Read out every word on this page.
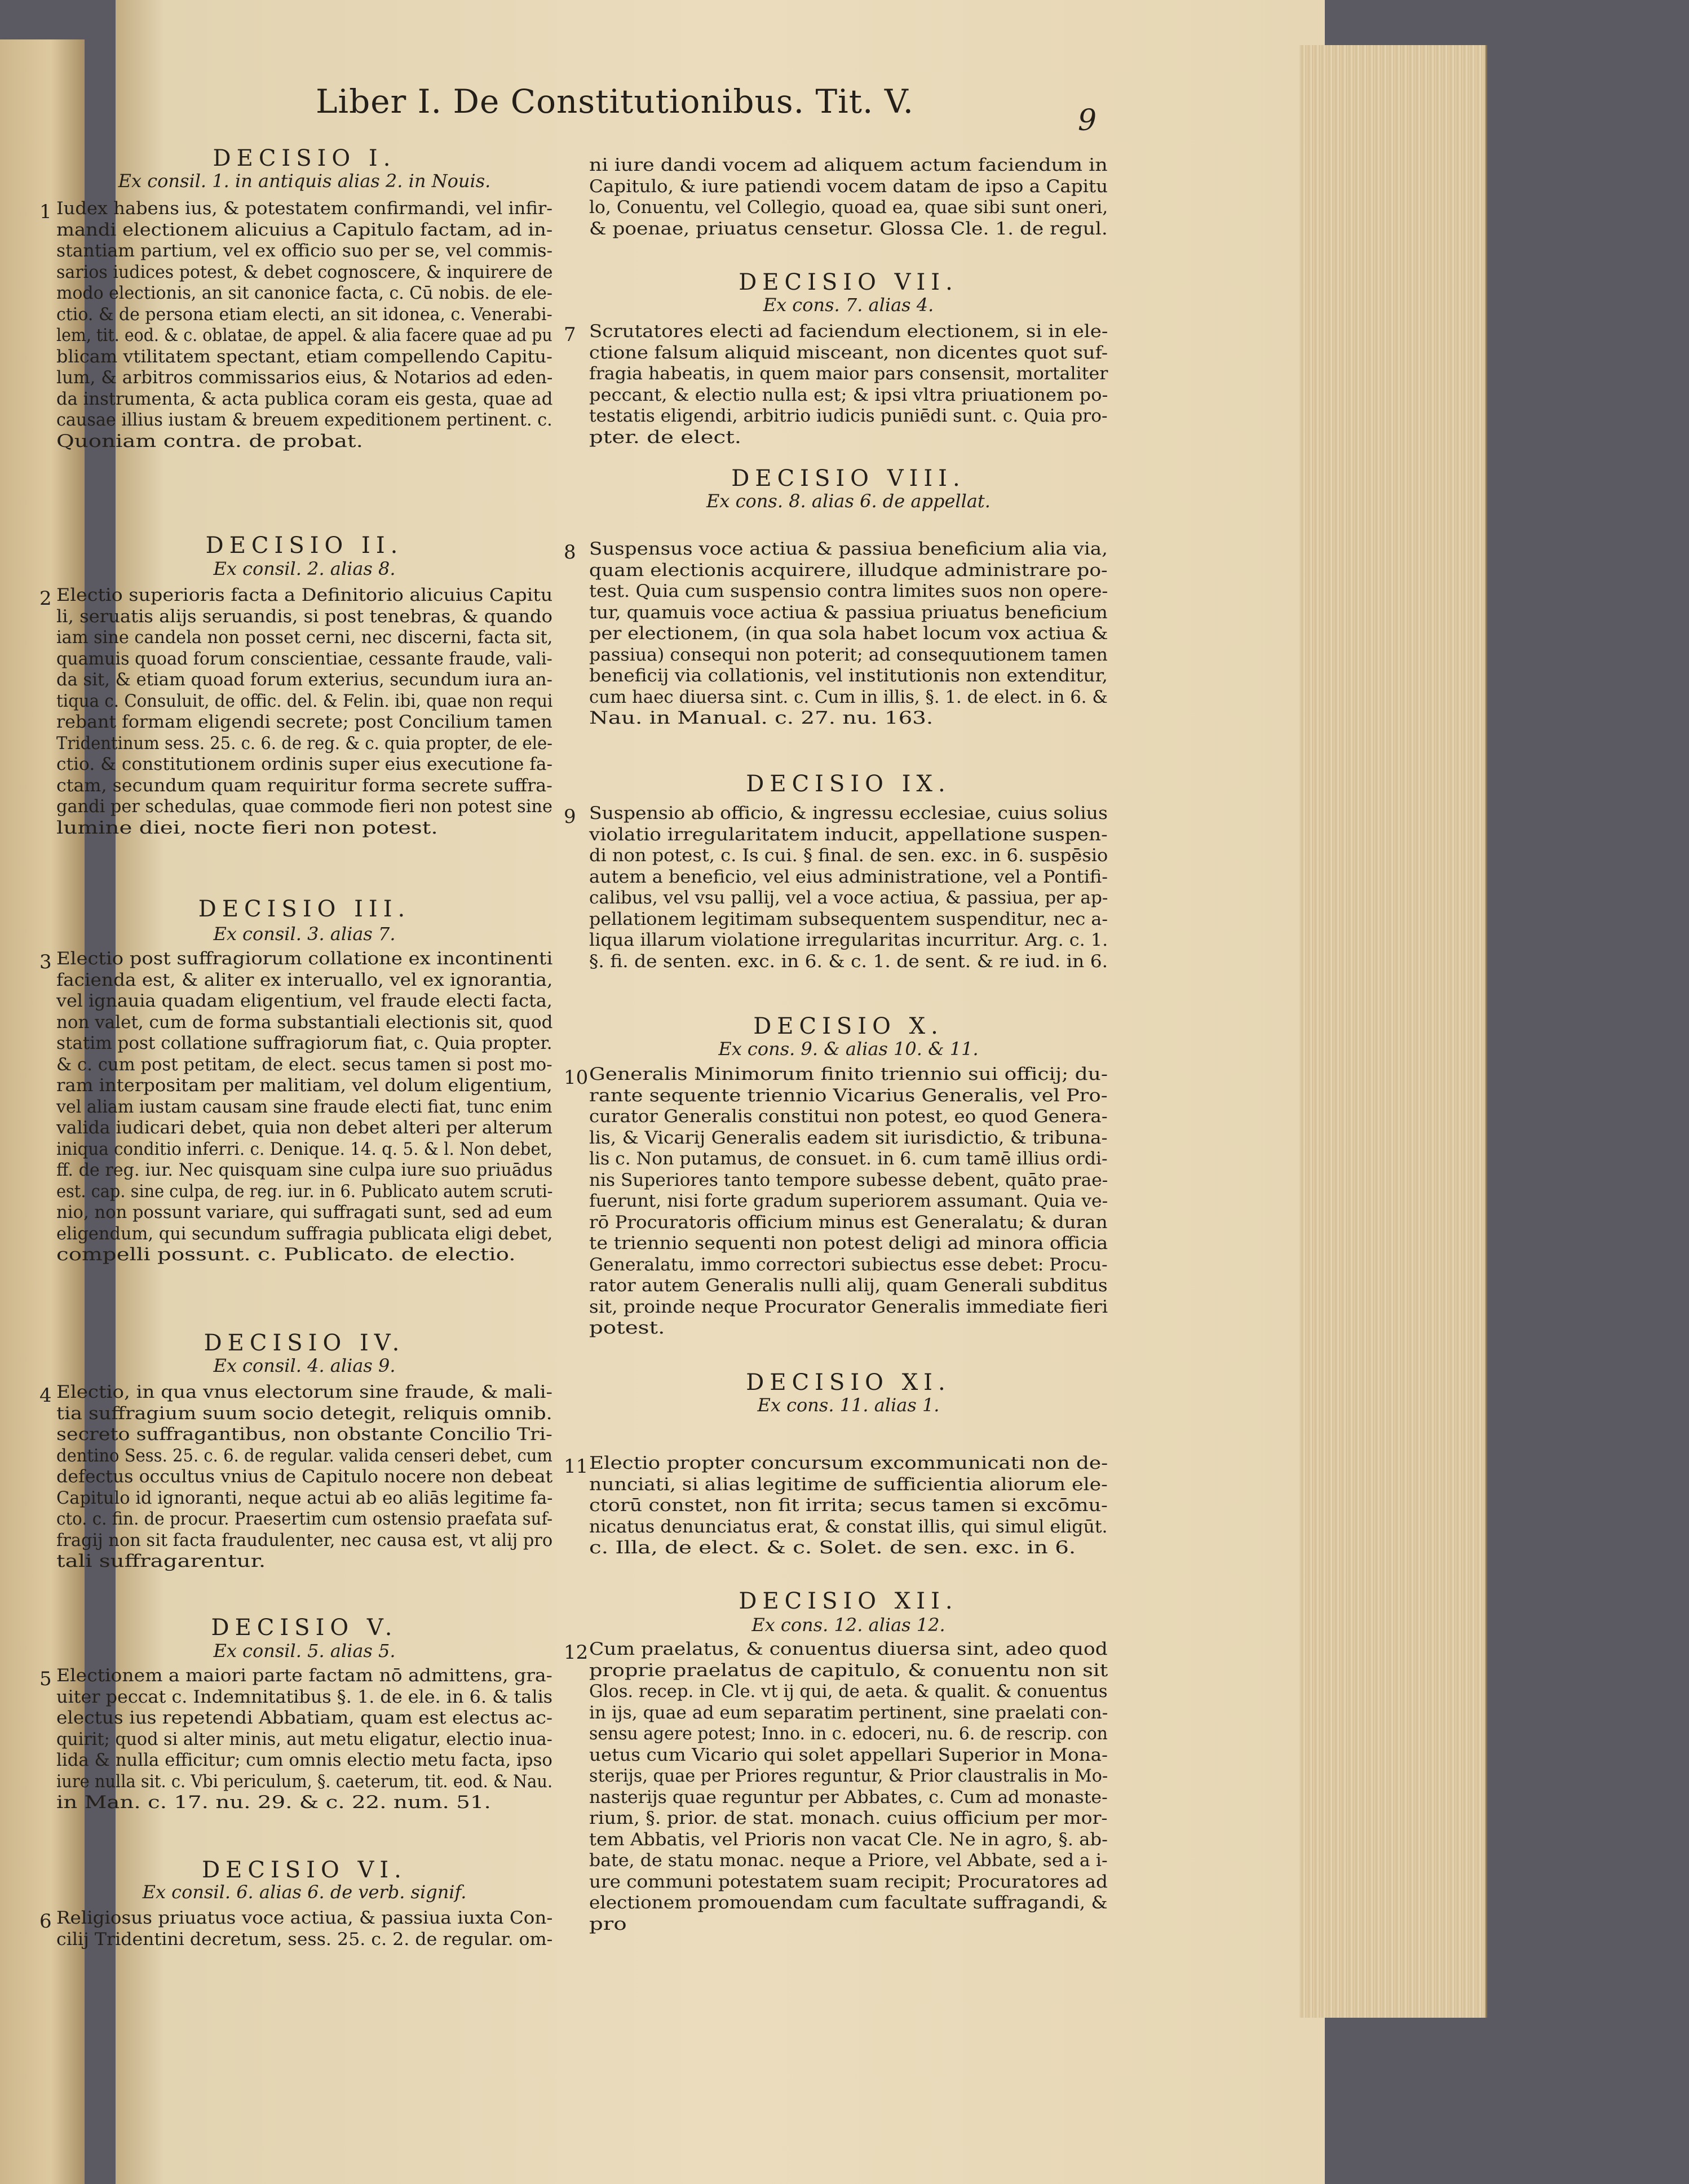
Liber I. De Constitutionibus. Tit. V.	9
DECISIO I.
Ex consil. 1. in antiquis alias 2. in Nouis.
1 Iudex habens ius, & potestatem confirmandi, vel infir-
mandi electionem alicuius a Capitulo factam, ad in-
stantiam partium, vel ex officio suo per se, vel commis-
sarios iudices potest, & debet cognoscere, & inquirere de
modo electionis, an sit canonice facta, c. Cū nobis. de ele-
ctio. & de persona etiam electi, an sit idonea, c. Venerabi-
lem, tit. eod. & c. oblatae, de appel. & alia facere quae ad pu
blicam vtilitatem spectant, etiam compellendo Capitu-
lum, & arbitros commissarios eius, & Notarios ad eden-
da instrumenta, & acta publica coram eis gesta, quae ad
causae illius iustam & breuem expeditionem pertinent. c.
Quoniam contra. de probat.
DECISIO II.
Ex consil. 2. alias 8.
2 Electio superioris facta a Definitorio alicuius Capitu
li, seruatis alijs seruandis, si post tenebras, & quando
iam sine candela non posset cerni, nec discerni, facta sit,
quamuis quoad forum conscientiae, cessante fraude, vali-
da sit, & etiam quoad forum exterius, secundum iura an-
tiqua c. Consuluit, de offic. del. & Felin. ibi, quae non requi
rebant formam eligendi secrete; post Concilium tamen
Tridentinum sess. 25. c. 6. de reg. & c. quia propter, de ele-
ctio. & constitutionem ordinis super eius executione fa-
ctam, secundum quam requiritur forma secrete suffra-
gandi per schedulas, quae commode fieri non potest sine
lumine diei, nocte fieri non potest.
DECISIO III.
Ex consil. 3. alias 7.
3 Electio post suffragiorum collatione ex incontinenti
facienda est, & aliter ex interuallo, vel ex ignorantia,
vel ignauia quadam eligentium, vel fraude electi facta,
non valet, cum de forma substantiali electionis sit, quod
statim post collatione suffragiorum fiat, c. Quia propter.
& c. cum post petitam, de elect. secus tamen si post mo-
ram interpositam per malitiam, vel dolum eligentium,
vel aliam iustam causam sine fraude electi fiat, tunc enim
valida iudicari debet, quia non debet alteri per alterum
iniqua conditio inferri. c. Denique. 14. q. 5. & l. Non debet,
ff. de reg. iur. Nec quisquam sine culpa iure suo priuādus
est. cap. sine culpa, de reg. iur. in 6. Publicato autem scruti-
nio, non possunt variare, qui suffragati sunt, sed ad eum
eligendum, qui secundum suffragia publicata eligi debet,
compelli possunt. c. Publicato. de electio.
DECISIO IV.
Ex consil. 4. alias 9.
4 Electio, in qua vnus electorum sine fraude, & mali-
tia suffragium suum socio detegit, reliquis omnib.
secreto suffragantibus, non obstante Concilio Tri-
dentino Sess. 25. c. 6. de regular. valida censeri debet, cum
defectus occultus vnius de Capitulo nocere non debeat
Capitulo id ignoranti, neque actui ab eo aliās legitime fa-
cto. c. fin. de procur. Praesertim cum ostensio praefata suf-
fragij non sit facta fraudulenter, nec causa est, vt alij pro
tali suffragarentur.
DECISIO V.
Ex consil. 5. alias 5.
5 Electionem a maiori parte factam nō admittens, gra-
uiter peccat c. Indemnitatibus §. 1. de ele. in 6. & talis
electus ius repetendi Abbatiam, quam est electus ac-
quirit; quod si alter minis, aut metu eligatur, electio inua-
lida & nulla efficitur; cum omnis electio metu facta, ipso
iure nulla sit. c. Vbi periculum, §. caeterum, tit. eod. & Nau.
in Man. c. 17. nu. 29. & c. 22. num. 51.
DECISIO VI.
Ex consil. 6. alias 6. de verb. signif.
6 Religiosus priuatus voce actiua, & passiua iuxta Con-
cilij Tridentini decretum, sess. 25. c. 2. de regular. om-
ni iure dandi vocem ad aliquem actum faciendum in
Capitulo, & iure patiendi vocem datam de ipso a Capitu
lo, Conuentu, vel Collegio, quoad ea, quae sibi sunt oneri,
& poenae, priuatus censetur. Glossa Cle. 1. de regul.
DECISIO VII.
Ex cons. 7. alias 4.
7 Scrutatores electi ad faciendum electionem, si in ele-
ctione falsum aliquid misceant, non dicentes quot suf-
fragia habeatis, in quem maior pars consensit, mortaliter
peccant, & electio nulla est; & ipsi vltra priuationem po-
testatis eligendi, arbitrio iudicis puniēdi sunt. c. Quia pro-
pter. de elect.
DECISIO VIII.
Ex cons. 8. alias 6. de appellat.
8 Suspensus voce actiua & passiua beneficium alia via,
quam electionis acquirere, illudque administrare po-
test. Quia cum suspensio contra limites suos non opere-
tur, quamuis voce actiua & passiua priuatus beneficium
per electionem, (in qua sola habet locum vox actiua &
passiua) consequi non poterit; ad consequutionem tamen
beneficij via collationis, vel institutionis non extenditur,
cum haec diuersa sint. c. Cum in illis, §. 1. de elect. in 6. &
Nau. in Manual. c. 27. nu. 163.
DECISIO IX.
9 Suspensio ab officio, & ingressu ecclesiae, cuius solius
violatio irregularitatem inducit, appellatione suspen-
di non potest, c. Is cui. § final. de sen. exc. in 6. suspēsio
autem a beneficio, vel eius administratione, vel a Pontifi-
calibus, vel vsu pallij, vel a voce actiua, & passiua, per ap-
pellationem legitimam subsequentem suspenditur, nec a-
liqua illarum violatione irregularitas incurritur. Arg. c. 1.
§. fi. de senten. exc. in 6. & c. 1. de sent. & re iud. in 6.
DECISIO X.
Ex cons. 9. & alias 10. & 11.
10 Generalis Minimorum finito triennio sui officij; du-
rante sequente triennio Vicarius Generalis, vel Pro-
curator Generalis constitui non potest, eo quod Genera-
lis, & Vicarij Generalis eadem sit iurisdictio, & tribuna-
lis c. Non putamus, de consuet. in 6. cum tamē illius ordi-
nis Superiores tanto tempore subesse debent, quāto prae-
fuerunt, nisi forte gradum superiorem assumant. Quia ve-
rō Procuratoris officium minus est Generalatu; & duran
te triennio sequenti non potest deligi ad minora officia
Generalatu, immo correctori subiectus esse debet: Procu-
rator autem Generalis nulli alij, quam Generali subditus
sit, proinde neque Procurator Generalis immediate fieri
potest.
DECISIO XI.
Ex cons. 11. alias 1.
11 Electio propter concursum excommunicati non de-
nunciati, si alias legitime de sufficientia aliorum ele-
ctorū constet, non fit irrita; secus tamen si excōmu-
nicatus denunciatus erat, & constat illis, qui simul eligūt.
c. Illa, de elect. & c. Solet. de sen. exc. in 6.
DECISIO XII.
Ex cons. 12. alias 12.
12 Cum praelatus, & conuentus diuersa sint, adeo quod
proprie praelatus de capitulo, & conuentu non sit
Glos. recep. in Cle. vt ij qui, de aeta. & qualit. & conuentus
in ijs, quae ad eum separatim pertinent, sine praelati con-
sensu agere potest; Inno. in c. edoceri, nu. 6. de rescrip. con
uetus cum Vicario qui solet appellari Superior in Mona-
sterijs, quae per Priores reguntur, & Prior claustralis in Mo-
nasterijs quae reguntur per Abbates, c. Cum ad monaste-
rium, §. prior. de stat. monach. cuius officium per mor-
tem Abbatis, vel Prioris non vacat Cle. Ne in agro, §. ab-
bate, de statu monac. neque a Priore, vel Abbate, sed a i-
ure communi potestatem suam recipit; Procuratores ad
electionem promouendam cum facultate suffragandi, &
pro
